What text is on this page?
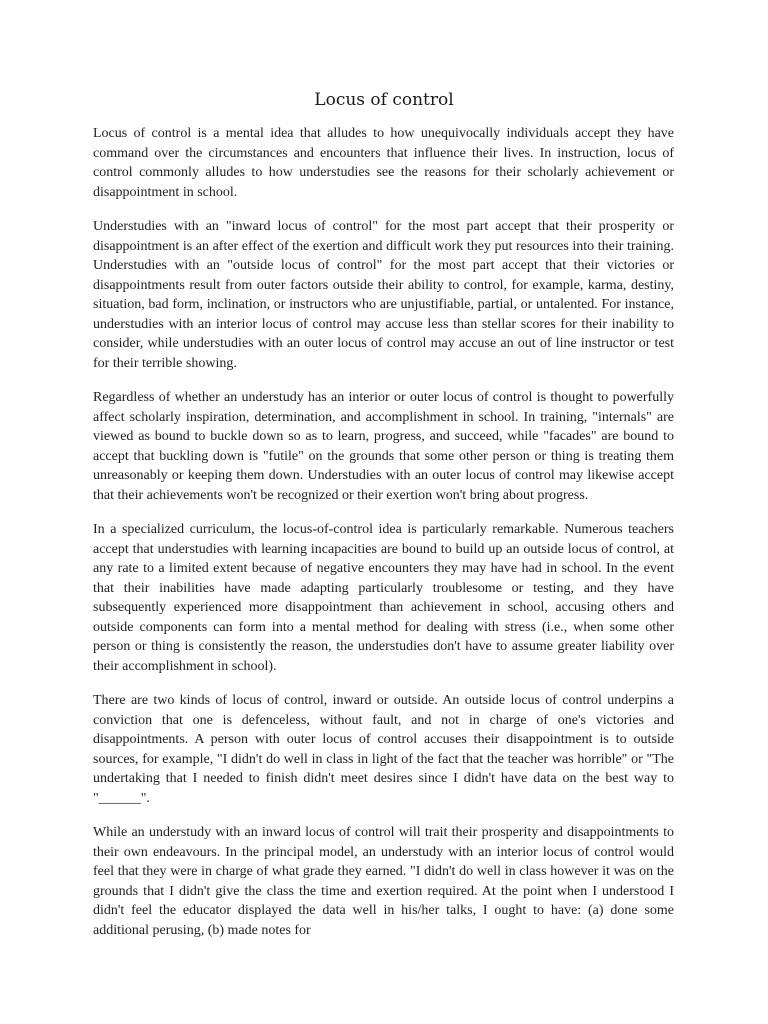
Locus of control

Locus of control is a mental idea that alludes to how unequivocally individuals accept they have command over the circumstances and encounters that influence their lives. In instruction, locus of control commonly alludes to how understudies see the reasons for their scholarly achievement or disappointment in school.

Understudies with an "inward locus of control" for the most part accept that their prosperity or disappointment is an after effect of the exertion and difficult work they put resources into their training. Understudies with an "outside locus of control" for the most part accept that their victories or disappointments result from outer factors outside their ability to control, for example, karma, destiny, situation, bad form, inclination, or instructors who are unjustifiable, partial, or untalented. For instance, understudies with an interior locus of control may accuse less than stellar scores for their inability to consider, while understudies with an outer locus of control may accuse an out of line instructor or test for their terrible showing.

Regardless of whether an understudy has an interior or outer locus of control is thought to powerfully affect scholarly inspiration, determination, and accomplishment in school. In training, "internals" are viewed as bound to buckle down so as to learn, progress, and succeed, while "facades" are bound to accept that buckling down is "futile" on the grounds that some other person or thing is treating them unreasonably or keeping them down. Understudies with an outer locus of control may likewise accept that their achievements won't be recognized or their exertion won't bring about progress.

In a specialized curriculum, the locus-of-control idea is particularly remarkable. Numerous teachers accept that understudies with learning incapacities are bound to build up an outside locus of control, at any rate to a limited extent because of negative encounters they may have had in school. In the event that their inabilities have made adapting particularly troublesome or testing, and they have subsequently experienced more disappointment than achievement in school, accusing others and outside components can form into a mental method for dealing with stress (i.e., when some other person or thing is consistently the reason, the understudies don't have to assume greater liability over their accomplishment in school).

There are two kinds of locus of control, inward or outside. An outside locus of control underpins a conviction that one is defenceless, without fault, and not in charge of one's victories and disappointments. A person with outer locus of control accuses their disappointment is to outside sources, for example, "I didn't do well in class in light of the fact that the teacher was horrible" or "The undertaking that I needed to finish didn't meet desires since I didn't have data on the best way to "______".

While an understudy with an inward locus of control will trait their prosperity and disappointments to their own endeavours. In the principal model, an understudy with an interior locus of control would feel that they were in charge of what grade they earned. "I didn't do well in class however it was on the grounds that I didn't give the class the time and exertion required. At the point when I understood I didn't feel the educator displayed the data well in his/her talks, I ought to have: (a) done some additional perusing, (b) made notes for
